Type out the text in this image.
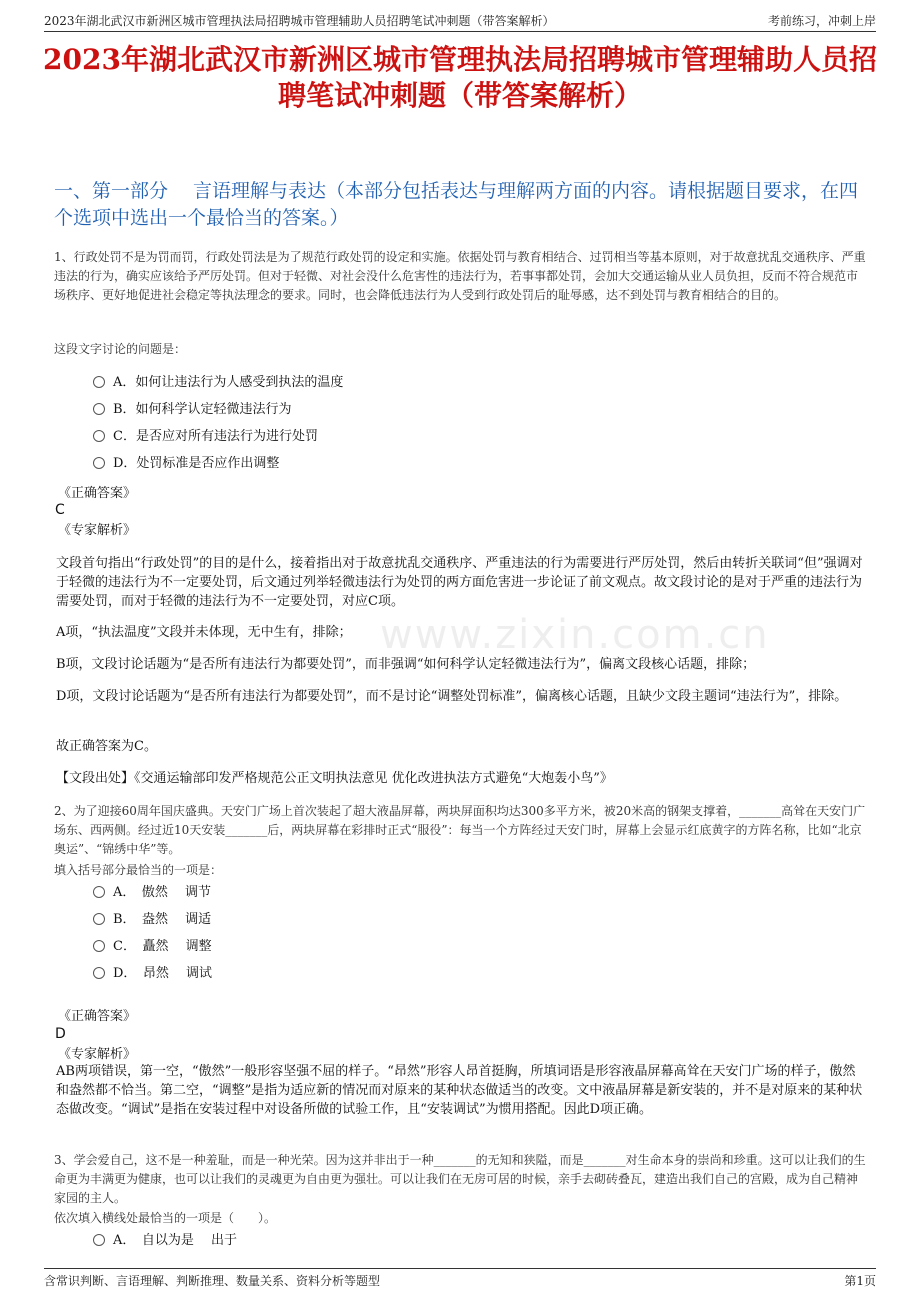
2023年湖北武汉市新洲区城市管理执法局招聘城市管理辅助人员招聘笔试冲刺题（带答案解析）	考前练习，冲刺上岸
2023年湖北武汉市新洲区城市管理执法局招聘城市管理辅助人员招聘笔试冲刺题（带答案解析）
一、第一部分　 言语理解与表达（本部分包括表达与理解两方面的内容。请根据题目要求，在四个选项中选出一个最恰当的答案。）
1、行政处罚不是为罚而罚，行政处罚法是为了规范行政处罚的设定和实施。依据处罚与教育相结合、过罚相当等基本原则，对于故意扰乱交通秩序、严重违法的行为，确实应该给予严厉处罚。但对于轻微、对社会没什么危害性的违法行为，若事事都处罚，会加大交通运输从业人员负担，反而不符合规范市场秩序、更好地促进社会稳定等执法理念的要求。同时，也会降低违法行为人受到行政处罚后的耻辱感，达不到处罚与教育相结合的目的。
这段文字讨论的问题是：
A．如何让违法行为人感受到执法的温度
B．如何科学认定轻微违法行为
C．是否应对所有违法行为进行处罚
D．处罚标准是否应作出调整
《正确答案》
C
《专家解析》
文段首句指出“行政处罚”的目的是什么，接着指出对于故意扰乱交通秩序、严重违法的行为需要进行严厉处罚，然后由转折关联词“但”强调对于轻微的违法行为不一定要处罚，后文通过列举轻微违法行为处罚的两方面危害进一步论证了前文观点。故文段讨论的是对于严重的违法行为需要处罚，而对于轻微的违法行为不一定要处罚，对应C项。
A项，“执法温度”文段并未体现，无中生有，排除；
B项，文段讨论话题为“是否所有违法行为都要处罚”，而非强调“如何科学认定轻微违法行为”，偏离文段核心话题，排除；
D项，文段讨论话题为“是否所有违法行为都要处罚”，而不是讨论“调整处罚标准”，偏离核心话题，且缺少文段主题词“违法行为”，排除。
故正确答案为C。
【文段出处】《交通运输部印发严格规范公正文明执法意见 优化改进执法方式避免“大炮轰小鸟”》
www.zixin.com.cn
2、为了迎接60周年国庆盛典。天安门广场上首次装起了超大液晶屏幕，两块屏面积均达300多平方米，被20米高的钢架支撑着，_______高耸在天安门广场东、西两侧。经过近10天安装_______后，两块屏幕在彩排时正式“服役”：每当一个方阵经过天安门时，屏幕上会显示红底黄字的方阵名称，比如“北京奥运”、“锦绣中华”等。
填入括号部分最恰当的一项是：
A．　傲然　 调节
B．　盎然　 调适
C．　矗然　 调整
D．　昂然　 调试
《正确答案》
D
《专家解析》
AB两项错误，第一空，“傲然”一般形容坚强不屈的样子。“昂然”形容人昂首挺胸，所填词语是形容液晶屏幕高耸在天安门广场的样子，傲然和盎然都不恰当。第二空，“调整”是指为适应新的情况而对原来的某种状态做适当的改变。文中液晶屏幕是新安装的，并不是对原来的某种状态做改变。“调试”是指在安装过程中对设备所做的试验工作，且“安装调试”为惯用搭配。因此D项正确。
3、学会爱自己，这不是一种羞耻，而是一种光荣。因为这并非出于一种_______的无知和狭隘，而是_______对生命本身的崇尚和珍重。这可以让我们的生命更为丰满更为健康，也可以让我们的灵魂更为自由更为强壮。可以让我们在无房可居的时候，亲手去砌砖叠瓦，建造出我们自己的宫殿，成为自己精神家园的主人。
依次填入横线处最恰当的一项是（　　）。
A．　自以为是　 出于
含常识判断、言语理解、判断推理、数量关系、资料分析等题型	第1页
